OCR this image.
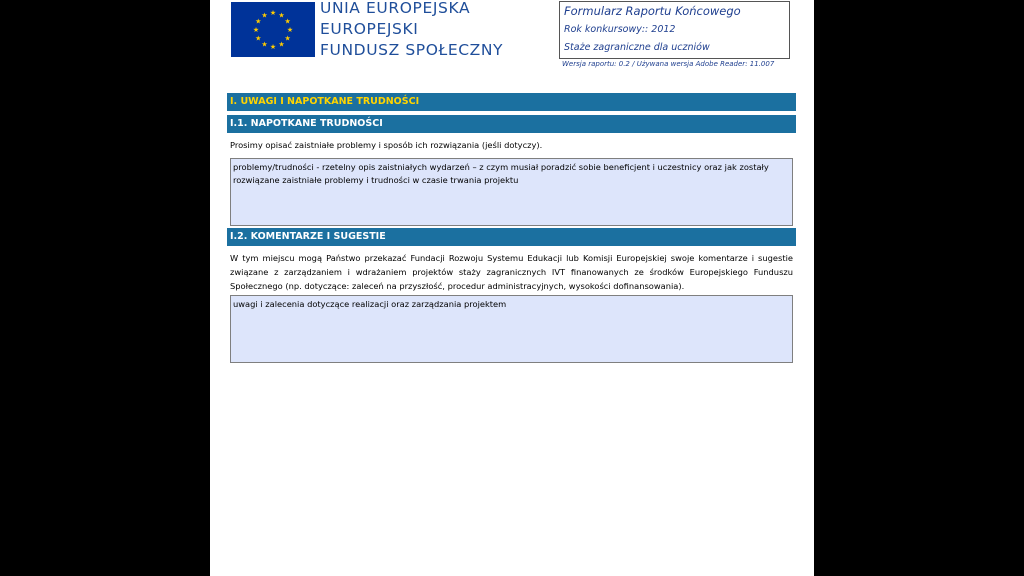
★ ★
★
★
★
★
★
★
★
★
★
★	UNIA EUROPEJSKA
EUROPEJSKI
FUNDUSZ SPOŁECZNY
Formularz Raportu Końcowego
Rok konkursowy:: 2012
Staże zagraniczne dla uczniów
Wersja raportu: 0.2 / Używana wersja Adobe Reader: 11.007
I. UWAGI I NAPOTKANE TRUDNOŚCI
I.1. NAPOTKANE TRUDNOŚCI
Prosimy opisać zaistniałe problemy i sposób ich rozwiązania (jeśli dotyczy).
problemy/trudności - rzetelny opis zaistniałych wydarzeń – z czym musiał poradzić sobie beneficjent i uczestnicy oraz jak zostały rozwiązane zaistniałe problemy i trudności w czasie trwania projektu
I.2. KOMENTARZE I SUGESTIE
W tym miejscu mogą Państwo przekazać Fundacji Rozwoju Systemu Edukacji lub Komisji Europejskiej swoje komentarze i sugestie związane z zarządzaniem i wdrażaniem projektów staży zagranicznych IVT finanowanych ze środków Europejskiego Funduszu Społecznego (np. dotyczące: zaleceń na przyszłość, procedur administracyjnych, wysokości dofinansowania).
uwagi i zalecenia dotyczące realizacji oraz zarządzania projektem
